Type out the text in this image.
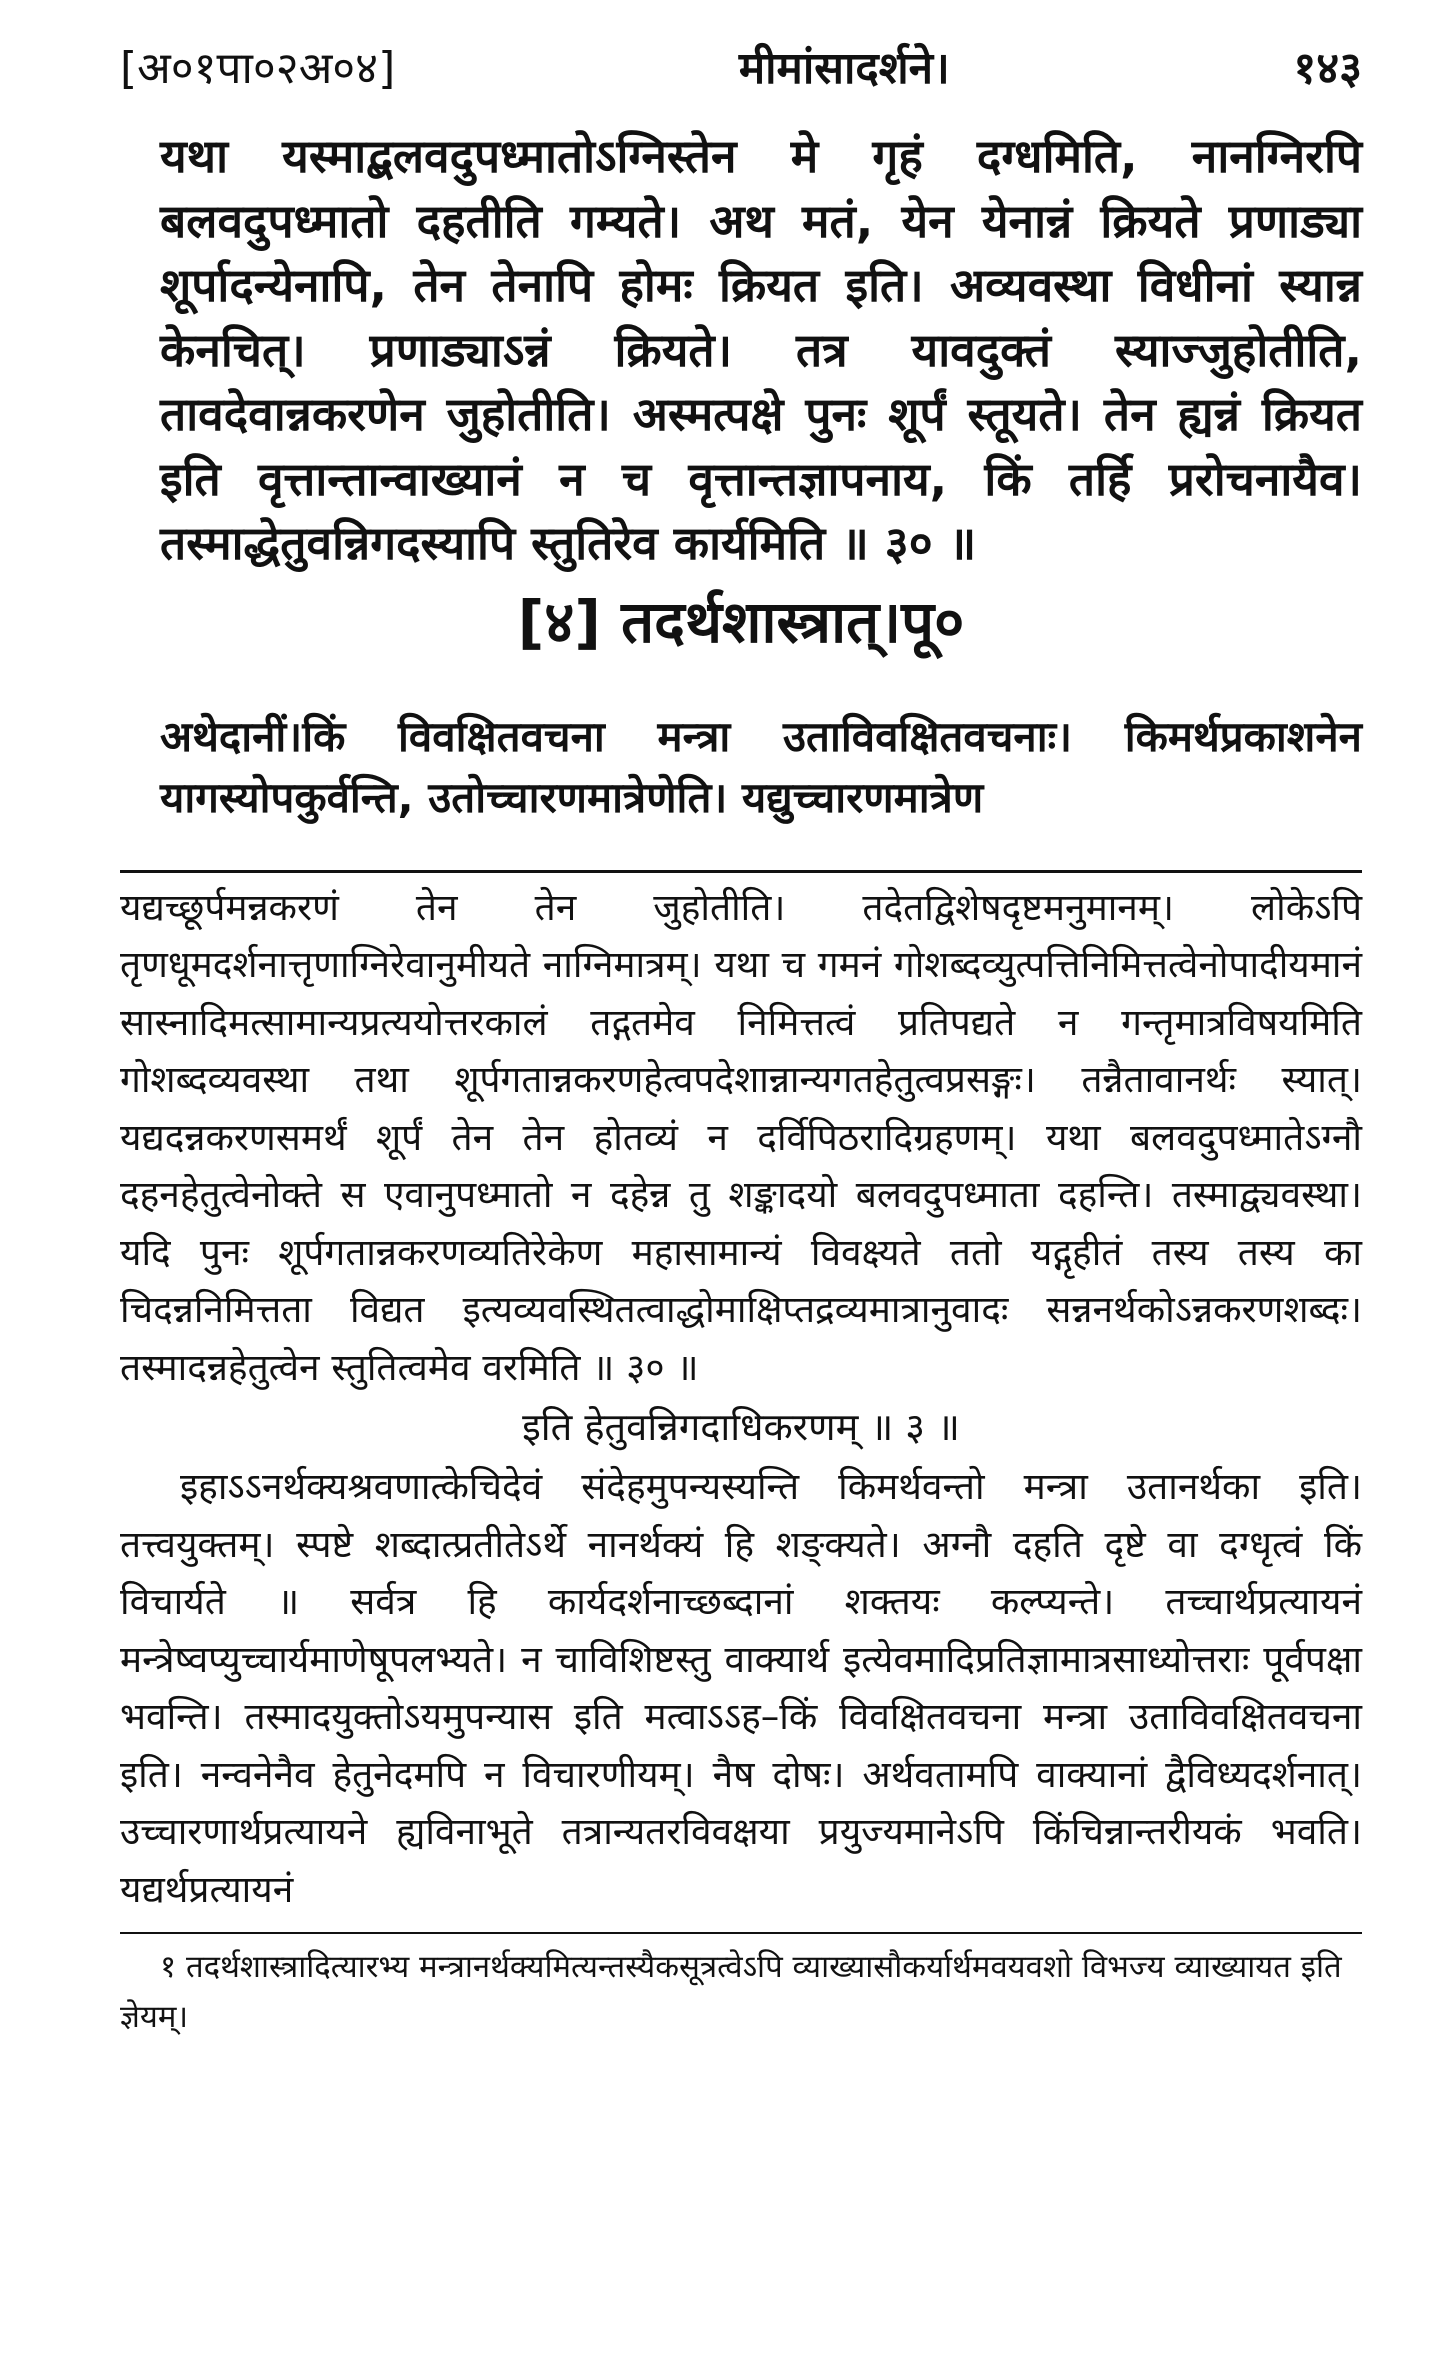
[अ०१पा०२अ०४]	मीमांसादर्शने।	१४३

यथा यस्माद्बलवदुपध्मातोऽग्निस्तेन मे गृहं दग्धमिति, नानग्निरपि बलवदुपध्मातो दहतीति गम्यते। अथ मतं, येन येनान्नं क्रियते प्रणाड्या शूर्पादन्येनापि, तेन तेनापि होमः क्रियत इति। अव्यवस्था विधीनां स्यान्न केनचित्। प्रणाड्याऽन्नं क्रियते। तत्र यावदुक्तं स्याज्जुहोतीति, तावदेवान्नकरणेन जुहोतीति। अस्मत्पक्षे पुनः शूर्पं स्तूयते। तेन ह्यन्नं क्रियत इति वृत्तान्तान्वाख्यानं न च वृत्तान्तज्ञापनाय, किं तर्हि प्ररोचनायैव। तस्माद्धेतुवन्निगदस्यापि स्तुतिरेव कार्यमिति ॥ ३० ॥

[४] तदर्थशास्त्रात्।पू०

अथेदानीं।किं विवक्षितवचना मन्त्रा उताविवक्षितवचनाः। किमर्थप्रकाशनेन यागस्योपकुर्वन्ति, उतोच्चारणमात्रेणेति। यद्युच्चारणमात्रेण

यद्यच्छूर्पमन्नकरणं तेन तेन जुहोतीति। तदेतद्विशेषदृष्टमनुमानम्। लोकेऽपि तृणधूमदर्शनात्तृणाग्निरेवानुमीयते नाग्निमात्रम्। यथा च गमनं गोशब्दव्युत्पत्तिनिमित्तत्वेनोपादीयमानं सास्नादिमत्सामान्यप्रत्ययोत्तरकालं तद्गतमेव निमित्तत्वं प्रतिपद्यते न गन्तृमात्रविषयमिति गोशब्दव्यवस्था तथा शूर्पगतान्नकरणहेत्वपदेशान्नान्यगतहेतुत्वप्रसङ्गः। तन्नैतावानर्थः स्यात्। यद्यदन्नकरणसमर्थं शूर्पं तेन तेन होतव्यं न दर्विपिठरादिग्रहणम्। यथा बलवदुपध्मातेऽग्नौ दहनहेतुत्वेनोक्ते स एवानुपध्मातो न दहेन्न तु शङ्कादयो बलवदुपध्माता दहन्ति। तस्माद्व्यवस्था। यदि पुनः शूर्पगतान्नकरणव्यतिरेकेण महासामान्यं विवक्ष्यते ततो यद्गृहीतं तस्य तस्य का चिदन्ननिमित्तता विद्यत इत्यव्यवस्थितत्वाद्धोमाक्षिप्तद्रव्यमात्रानुवादः सन्ननर्थकोऽन्नकरणशब्दः। तस्मादन्नहेतुत्वेन स्तुतित्वमेव वरमिति ॥ ३० ॥

इति हेतुवन्निगदाधिकरणम् ॥ ३ ॥

इहाऽऽनर्थक्यश्रवणात्केचिदेवं संदेहमुपन्यस्यन्ति किमर्थवन्तो मन्त्रा उतानर्थका इति। तत्त्वयुक्तम्। स्पष्टे शब्दात्प्रतीतेऽर्थे नानर्थक्यं हि शङ्क्यते। अग्नौ दहति दृष्टे वा दग्धृत्वं किं विचार्यते ॥ सर्वत्र हि कार्यदर्शनाच्छब्दानां शक्तयः कल्प्यन्ते। तच्चार्थप्रत्यायनं मन्त्रेष्वप्युच्चार्यमाणेषूपलभ्यते। न चाविशिष्टस्तु वाक्यार्थ इत्येवमादिप्रतिज्ञामात्रसाध्योत्तराः पूर्वपक्षा भवन्ति। तस्मादयुक्तोऽयमुपन्यास इति मत्वाऽऽह–किं विवक्षितवचना मन्त्रा उताविवक्षितवचना इति। नन्वनेनैव हेतुनेदमपि न विचारणीयम्। नैष दोषः। अर्थवतामपि वाक्यानां द्वैविध्यदर्शनात्। उच्चारणार्थप्रत्यायने ह्यविनाभूते तत्रान्यतरविवक्षया प्रयुज्यमानेऽपि किंचिन्नान्तरीयकं भवति। यद्यर्थप्रत्यायनं

१ तदर्थशास्त्रादित्यारभ्य मन्त्रानर्थक्यमित्यन्तस्यैकसूत्रत्वेऽपि व्याख्यासौकर्यार्थमवयवशो विभज्य व्याख्यायत इति ज्ञेयम्।
